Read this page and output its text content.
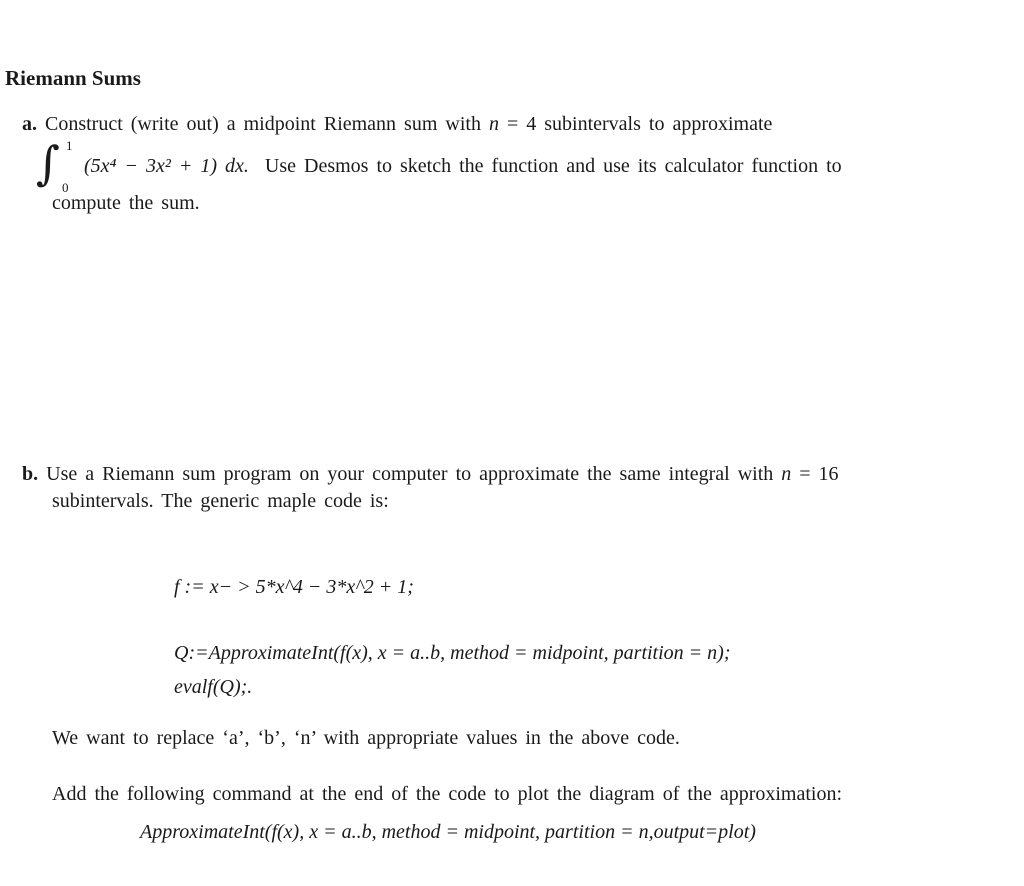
Riemann Sums
a. Construct (write out) a midpoint Riemann sum with n = 4 subintervals to approximate
∫ 1
0
(5x⁴ − 3x² + 1) dx. Use Desmos to sketch the function and use its calculator function to
compute the sum.
b. Use a Riemann sum program on your computer to approximate the same integral with n = 16
subintervals. The generic maple code is:
f := x− > 5*x^4 − 3*x^2 + 1;
Q:=ApproximateInt(f(x), x = a..b, method = midpoint, partition = n);
evalf(Q);.
We want to replace ‘a’, ‘b’, ‘n’ with appropriate values in the above code.
Add the following command at the end of the code to plot the diagram of the approximation:
ApproximateInt(f(x), x = a..b, method = midpoint, partition = n,output=plot)
